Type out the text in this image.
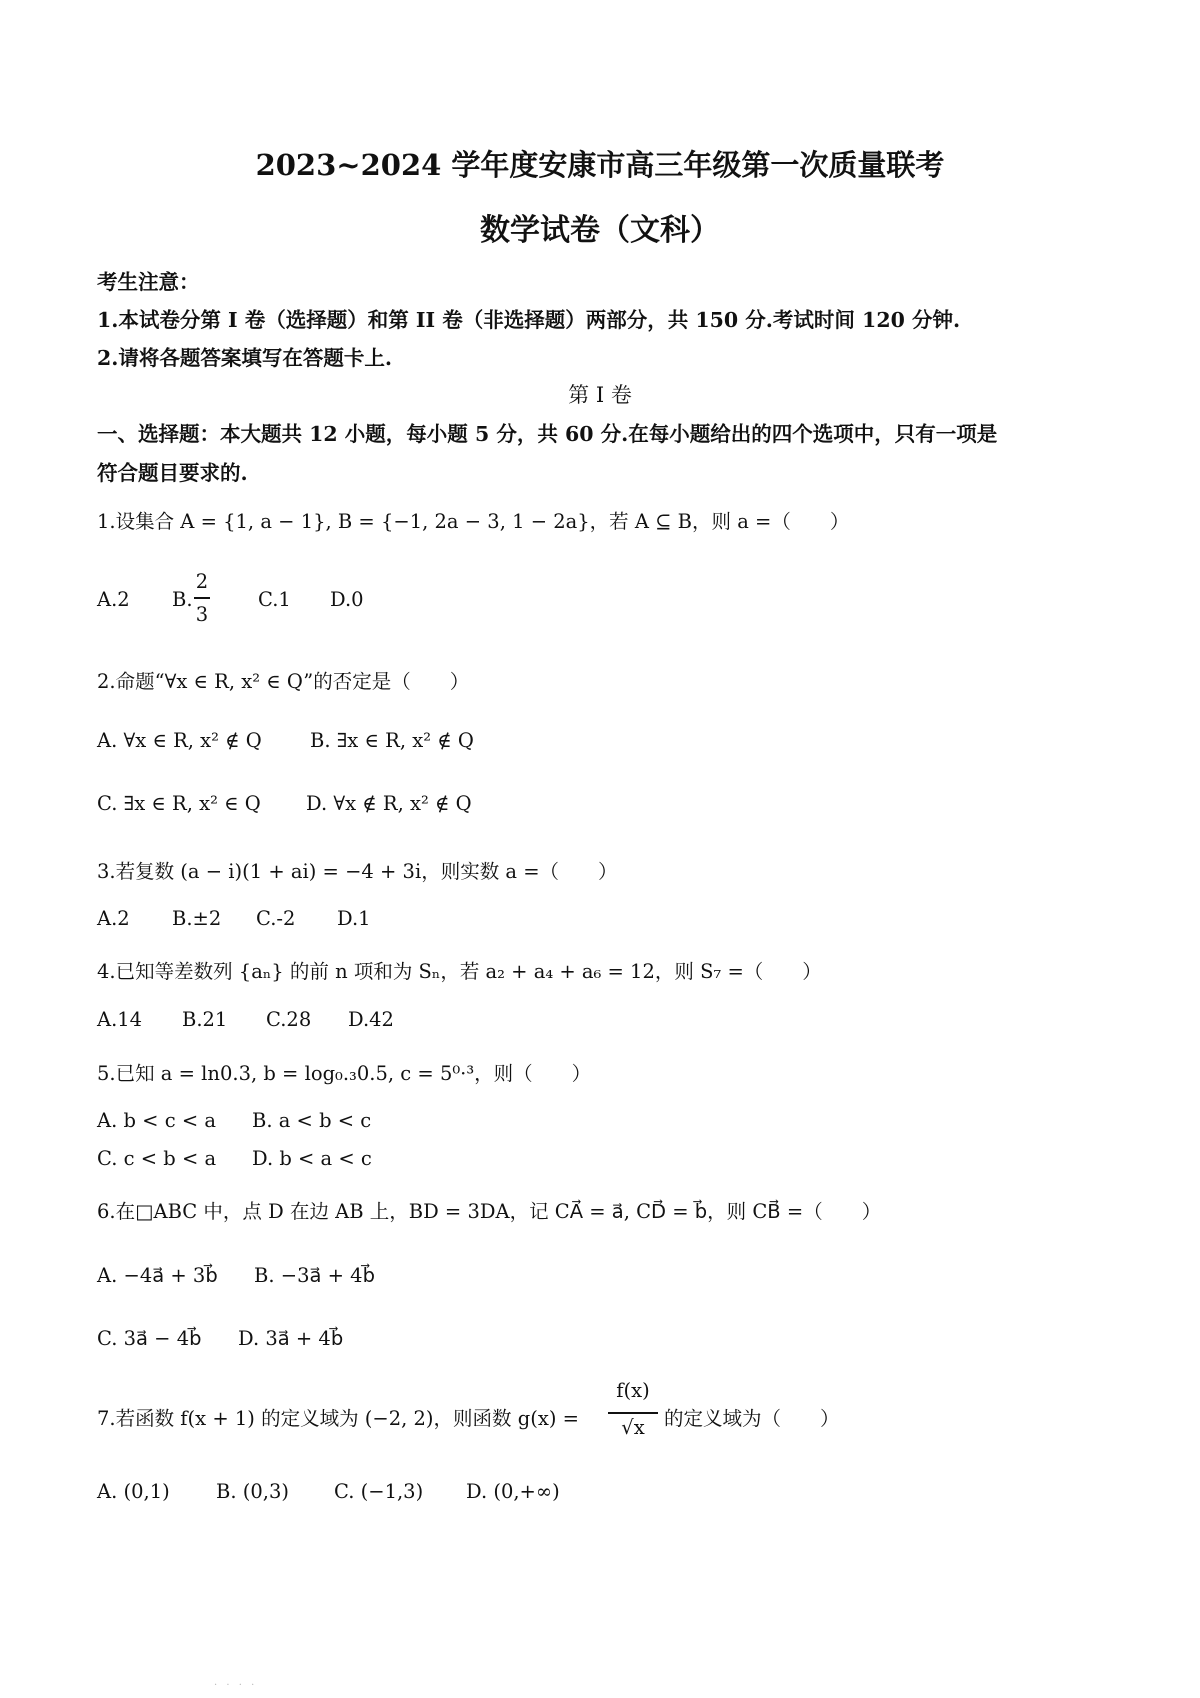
2023~2024 学年度安康市高三年级第一次质量联考
数学试卷（文科）
考生注意：
1.本试卷分第 I 卷（选择题）和第 II 卷（非选择题）两部分，共 150 分.考试时间 120 分钟.
2.请将各题答案填写在答题卡上.
第 I 卷
一、选择题：本大题共 12 小题，每小题 5 分，共 60 分.在每小题给出的四个选项中，只有一项是
符合题目要求的.
1.设集合 A = {1, a − 1}, B = {−1, 2a − 3, 1 − 2a}，若 A ⊆ B，则 a =（　　）
A.2 B.
2
3
C.1 D.0
2.命题“∀x ∈ R, x² ∈ Q”的否定是（　　）
A. ∀x ∈ R, x² ∉ Q B. ∃x ∈ R, x² ∉ Q
C. ∃x ∈ R, x² ∈ Q D. ∀x ∉ R, x² ∉ Q
3.若复数 (a − i)(1 + ai) = −4 + 3i，则实数 a =（　　）
A.2 B.±2 C.-2 D.1
4.已知等差数列 {aₙ} 的前 n 项和为 Sₙ，若 a₂ + a₄ + a₆ = 12，则 S₇ =（　　）
A.14 B.21 C.28 D.42
5.已知 a = ln0.3, b = log₀.₃0.5, c = 5⁰·³，则（　　）
A. b < c < a B. a < b < c
C. c < b < a D. b < a < c
6.在□ABC 中，点 D 在边 AB 上，BD = 3DA，记 CA⃗ = a⃗, CD⃗ = b⃗，则 CB⃗ =（　　）
A. −4a⃗ + 3b⃗ B. −3a⃗ + 4b⃗
C. 3a⃗ − 4b⃗ D. 3a⃗ + 4b⃗
7.若函数 f(x + 1) 的定义域为 (−2, 2)，则函数 g(x) =
f(x)
√x 的定义域为（　　）
A. (0,1) B. (0,3) C. (−1,3) D. (0,+∞)
· · · ·
